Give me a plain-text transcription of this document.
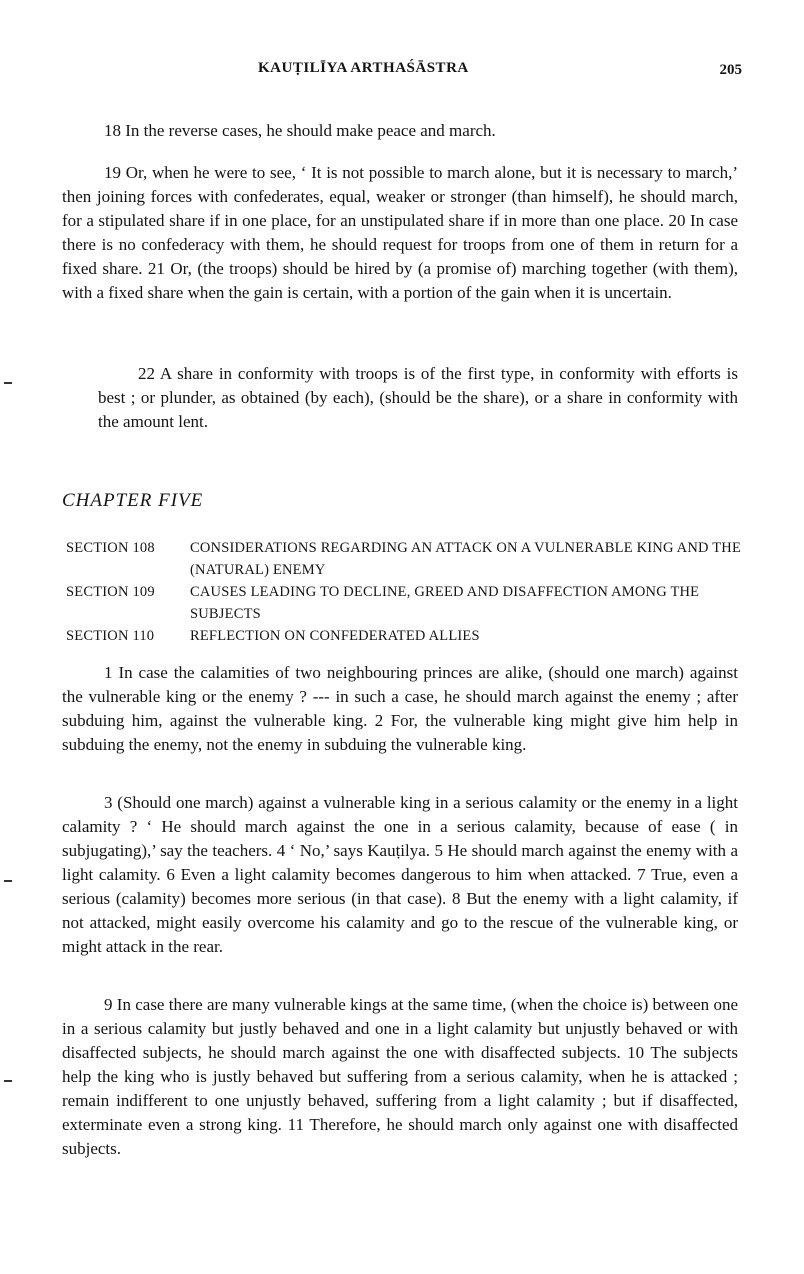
KAUṬILĪYA ARTHAŚĀSTRA	205

18 In the reverse cases, he should make peace and march.

19 Or, when he were to see, ‘ It is not possible to march alone, but it is necessary to march,’ then joining forces with confederates, equal, weaker or stronger (than himself), he should march, for a stipulated share if in one place, for an unstipulated share if in more than one place. 20 In case there is no confederacy with them, he should request for troops from one of them in return for a fixed share. 21 Or, (the troops) should be hired by (a promise of) marching together (with them), with a fixed share when the gain is certain, with a portion of the gain when it is uncertain.

22 A share in conformity with troops is of the first type, in conformity with efforts is best ; or plunder, as obtained (by each), (should be the share), or a share in conformity with the amount lent.

CHAPTER FIVE
SECTION 108	CONSIDERATIONS REGARDING AN ATTACK ON A VULNERABLE KING AND THE (NATURAL) ENEMY
SECTION 109	CAUSES LEADING TO DECLINE, GREED AND DISAFFECTION AMONG THE SUBJECTS
SECTION 110	REFLECTION ON CONFEDERATED ALLIES

1 In case the calamities of two neighbouring princes are alike, (should one march) against the vulnerable king or the enemy ? --- in such a case, he should march against the enemy ; after subduing him, against the vulnerable king. 2 For, the vulnerable king might give him help in subduing the enemy, not the enemy in subduing the vulnerable king.

3 (Should one march) against a vulnerable king in a serious calamity or the enemy in a light calamity ? ‘ He should march against the one in a serious calamity, because of ease ( in subjugating),’ say the teachers. 4 ‘ No,’ says Kauṭilya. 5 He should march against the enemy with a light calamity. 6 Even a light calamity becomes dangerous to him when attacked. 7 True, even a serious (calamity) becomes more serious (in that case). 8 But the enemy with a light calamity, if not attacked, might easily overcome his calamity and go to the rescue of the vulnerable king, or might attack in the rear.

9 In case there are many vulnerable kings at the same time, (when the choice is) between one in a serious calamity but justly behaved and one in a light calamity but unjustly behaved or with disaffected subjects, he should march against the one with disaffected subjects. 10 The subjects help the king who is justly behaved but suffering from a serious calamity, when he is attacked ; remain indifferent to one unjustly behaved, suffering from a light calamity ; but if disaffected, exterminate even a strong king. 11 Therefore, he should march only against one with disaffected subjects.
